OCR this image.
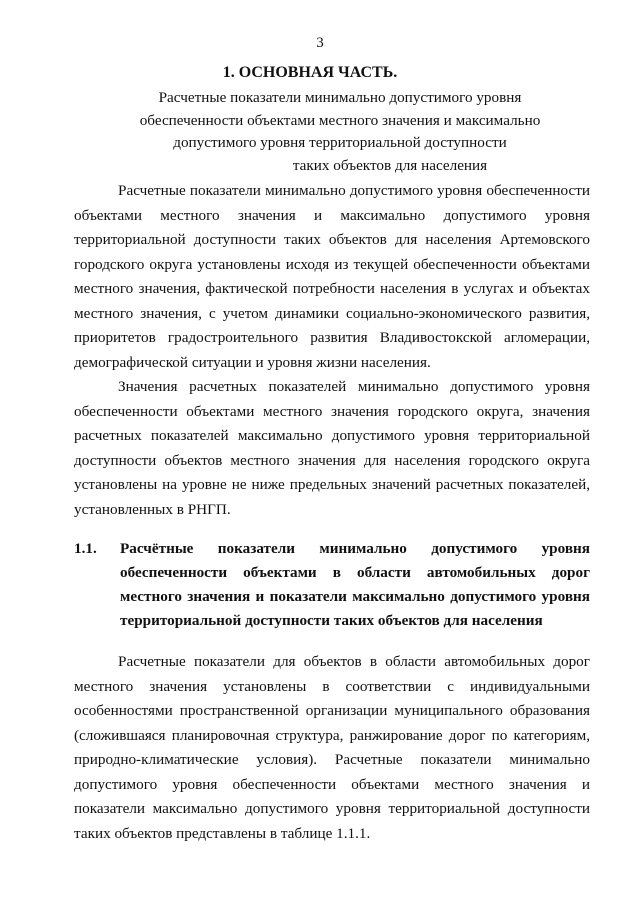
3
1. ОСНОВНАЯ ЧАСТЬ.
Расчетные показатели минимально допустимого уровня
обеспеченности объектами местного значения и максимально
допустимого уровня территориальной доступности
таких объектов для населения

Расчетные показатели минимально допустимого уровня обеспеченности объектами местного значения и максимально допустимого уровня территориальной доступности таких объектов для населения Артемовского городского округа установлены исходя из текущей обеспеченности объектами местного значения, фактической потребности населения в услугах и объектах местного значения, с учетом динамики социально-экономического развития, приоритетов градостроительного развития Владивостокской агломерации, демографической ситуации и уровня жизни населения.

Значения расчетных показателей минимально допустимого уровня обеспеченности объектами местного значения городского округа, значения расчетных показателей максимально допустимого уровня территориальной доступности объектов местного значения для населения городского округа установлены на уровне не ниже предельных значений расчетных показателей, установленных в РНГП.

1.1.	Расчётные показатели минимально допустимого уровня обеспеченности объектами в области автомобильных дорог местного значения и показатели максимально допустимого уровня территориальной доступности таких объектов для населения

Расчетные показатели для объектов в области автомобильных дорог местного значения установлены в соответствии с индивидуальными особенностями пространственной организации муниципального образования (сложившаяся планировочная структура, ранжирование дорог по категориям, природно-климатические условия). Расчетные показатели минимально допустимого уровня обеспеченности объектами местного значения и показатели максимально допустимого уровня территориальной доступности таких объектов представлены в таблице 1.1.1.
